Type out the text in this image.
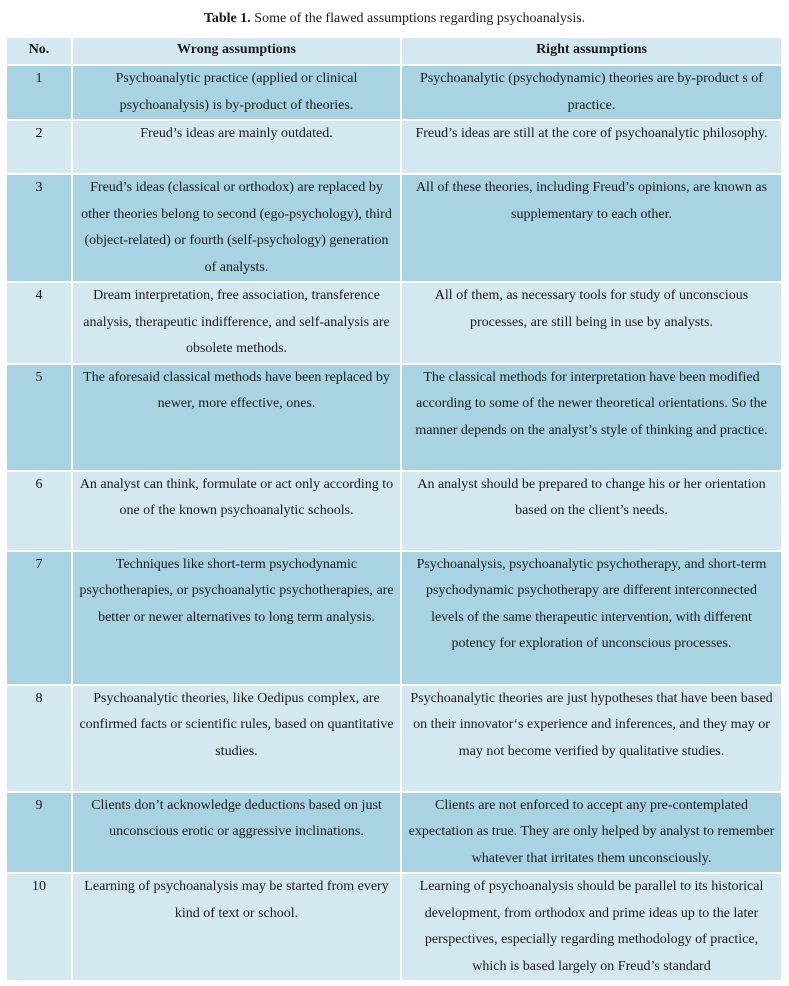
Table 1. Some of the flawed assumptions regarding psychoanalysis.
No.	Wrong assumptions	Right assumptions
1	Psychoanalytic practice (applied or clinical psychoanalysis) is by-product of theories.	Psychoanalytic (psychodynamic) theories are by-product s of practice.
2	Freud’s ideas are mainly outdated.	Freud’s ideas are still at the core of psychoanalytic philosophy.
3	Freud’s ideas (classical or orthodox) are replaced by other theories belong to second (ego-psychology), third (object-related) or fourth (self-psychology) generation of analysts.	All of these theories, including Freud’s opinions, are known as supplementary to each other.
4	Dream interpretation, free association, transference analysis, therapeutic indifference, and self-analysis are obsolete methods.	All of them, as necessary tools for study of unconscious processes, are still being in use by analysts.
5	The aforesaid classical methods have been replaced by newer, more effective, ones.	The classical methods for interpretation have been modified according to some of the newer theoretical orientations. So the manner depends on the analyst’s style of thinking and practice.
6	An analyst can think, formulate or act only according to one of the known psychoanalytic schools.	An analyst should be prepared to change his or her orientation based on the client’s needs.
7	Techniques like short-term psychodynamic psychotherapies, or psychoanalytic psychotherapies, are better or newer alternatives to long term analysis.	Psychoanalysis, psychoanalytic psychotherapy, and short-term psychodynamic psychotherapy are different interconnected levels of the same therapeutic intervention, with different potency for exploration of unconscious processes.
8	Psychoanalytic theories, like Oedipus complex, are confirmed facts or scientific rules, based on quantitative studies.	Psychoanalytic theories are just hypotheses that have been based on their innovator‘s experience and inferences, and they may or may not become verified by qualitative studies.
9	Clients don’t acknowledge deductions based on just unconscious erotic or aggressive inclinations.	Clients are not enforced to accept any pre-contemplated expectation as true. They are only helped by analyst to remember whatever that irritates them unconsciously.
10	Learning of psychoanalysis may be started from every kind of text or school.	Learning of psychoanalysis should be parallel to its historical development, from orthodox and prime ideas up to the later perspectives, especially regarding methodology of practice, which is based largely on Freud’s standard
